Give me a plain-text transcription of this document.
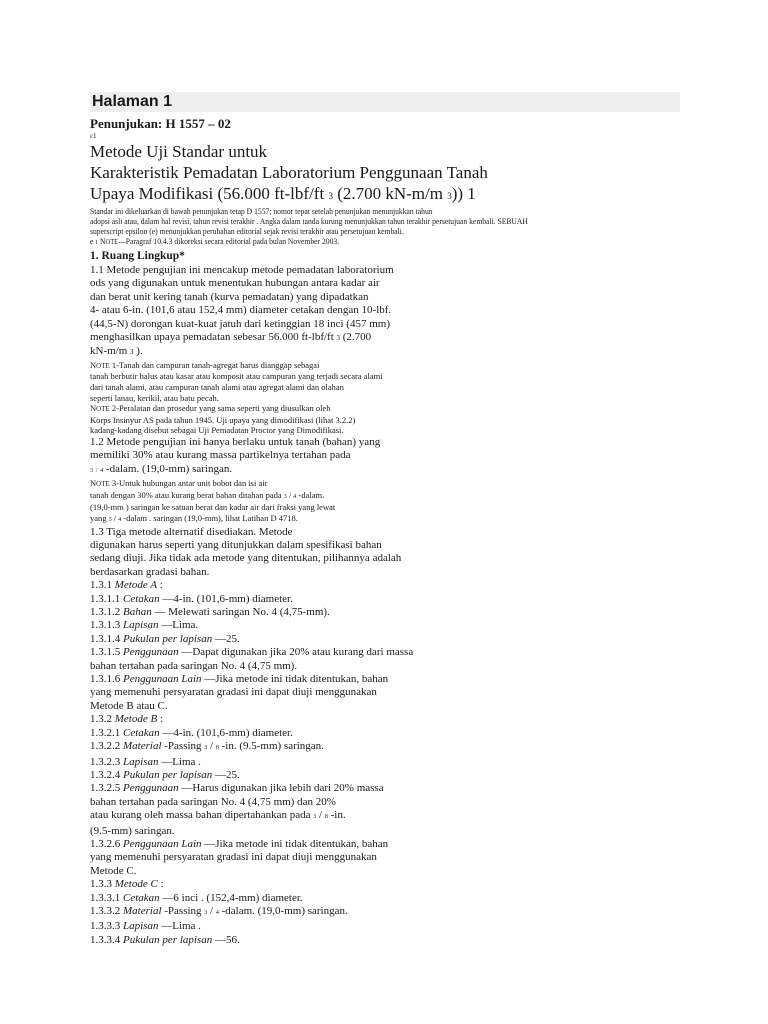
Halaman 1
Penunjukan: H 1557 – 02
ε1
Metode Uji Standar untuk
Karakteristik Pemadatan Laboratorium Penggunaan Tanah
Upaya Modifikasi (56.000 ft-lbf/ft 3 (2.700 kN-m/m 3)) 1
Standar ini dikeluarkan di bawah penunjukan tetap D 1557; nomor tepat setelah penunjukan menunjukkan tahun
adopsi asli atau, dalam hal revisi, tahun revisi terakhir . Angka dalam tanda kurung menunjukkan tahun terakhir persetujuan kembali. SEBUAH
superscript epsilon (e) menunjukkan perubahan editorial sejak revisi terakhir atau persetujuan kembali.
e 1 NOTE—Paragraf 10.4.3 dikoreksi secara editorial pada bulan November 2003.
1. Ruang Lingkup*
1.1 Metode pengujian ini mencakup metode pemadatan laboratorium
ods yang digunakan untuk menentukan hubungan antara kadar air
dan berat unit kering tanah (kurva pemadatan) yang dipadatkan
4- atau 6-in. (101,6 atau 152,4 mm) diameter cetakan dengan 10-lbf.
(44,5-N) dorongan kuat-kuat jatuh dari ketinggian 18 inci (457 mm)
menghasilkan upaya pemadatan sebesar 56.000 ft-lbf/ft 3 (2.700
kN-m/m 3 ).
NOTE 1-Tanah dan campuran tanah-agregat harus dianggap sebagai
tanah berbutir halus atau kasar atau komposit atau campuran yang terjadi secara alami
dari tanah alami, atau campuran tanah alami atau agregat alami dan olahan
seperti lanau, kerikil, atau batu pecah.
NOTE 2-Peralatan dan prosedur yang sama seperti yang diusulkan oleh
Korps Insinyur AS pada tahun 1945. Uji upaya yang dimodifikasi (lihat 3.2.2)
kadang-kadang disebut sebagai Uji Pemadatan Proctor yang Dimodifikasi.
1.2 Metode pengujian ini hanya berlaku untuk tanah (bahan) yang
memiliki 30% atau kurang massa partikelnya tertahan pada
3 / 4 -dalam. (19,0-mm) saringan.
NOTE 3-Untuk hubungan antar unit bobot dan isi air
tanah dengan 30% atau kurang berat bahan ditahan pada 3 / 4 -dalam.
(19,0-mm ) saringan ke satuan berat dan kadar air dari fraksi yang lewat
yang 3 / 4 -dalam . saringan (19,0-mm), lihat Latihan D 4718.
1.3 Tiga metode alternatif disediakan. Metode
digunakan harus seperti yang ditunjukkan dalam spesifikasi bahan
sedang diuji. Jika tidak ada metode yang ditentukan, pilihannya adalah
berdasarkan gradasi bahan.
1.3.1 Metode A :
1.3.1.1 Cetakan —4-in. (101,6-mm) diameter.
1.3.1.2 Bahan — Melewati saringan No. 4 (4,75-mm).
1.3.1.3 Lapisan —Lima.
1.3.1.4 Pukulan per lapisan —25.
1.3.1.5 Penggunaan —Dapat digunakan jika 20% atau kurang dari massa
bahan tertahan pada saringan No. 4 (4,75 mm).
1.3.1.6 Penggunaan Lain —Jika metode ini tidak ditentukan, bahan
yang memenuhi persyaratan gradasi ini dapat diuji menggunakan
Metode B atau C.
1.3.2 Metode B :
1.3.2.1 Cetakan —4-in. (101,6-mm) diameter.
1.3.2.2 Material -Passing 3 / 8 -in. (9.5-mm) saringan.
1.3.2.3 Lapisan —Lima .
1.3.2.4 Pukulan per lapisan —25.
1.3.2.5 Penggunaan —Harus digunakan jika lebih dari 20% massa
bahan tertahan pada saringan No. 4 (4,75 mm) dan 20%
atau kurang oleh massa bahan dipertahankan pada 3 / 8 -in.
(9.5-mm) saringan.
1.3.2.6 Penggunaan Lain —Jika metode ini tidak ditentukan, bahan
yang memenuhi persyaratan gradasi ini dapat diuji menggunakan
Metode C.
1.3.3 Metode C :
1.3.3.1 Cetakan —6 inci . (152,4-mm) diameter.
1.3.3.2 Material -Passing 3 / 4 -dalam. (19,0-mm) saringan.
1.3.3.3 Lapisan —Lima .
1.3.3.4 Pukulan per lapisan —56.
